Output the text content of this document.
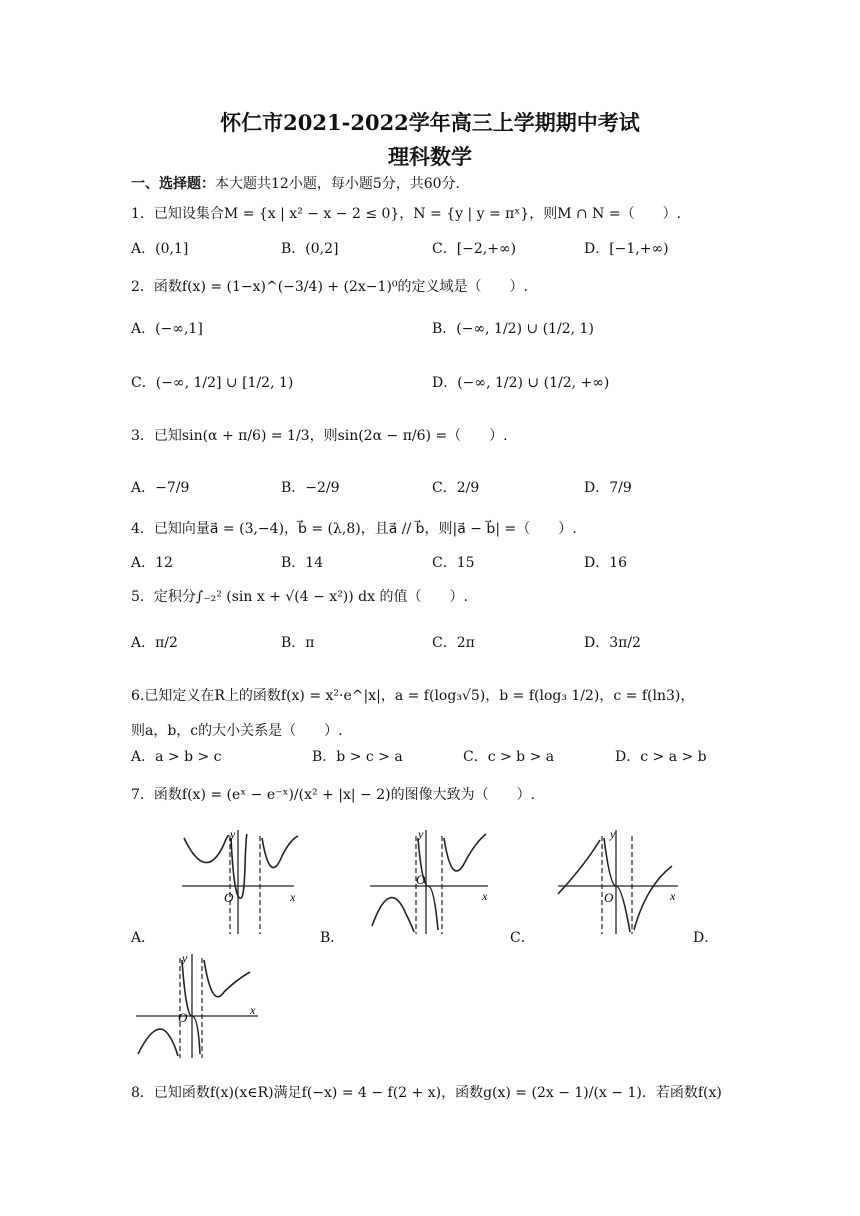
怀仁市2021-2022学年高三上学期期中考试
理科数学
一、选择题：本大题共12小题，每小题5分，共60分.
1．已知设集合M = {x | x² − x − 2 ≤ 0}，N = {y | y = πˣ}，则M ∩ N =（　　）.
A．(0,1]	B．(0,2]	C．[−2,+∞)	D．[−1,+∞)
2．函数f(x) = (1−x)^(−3/4) + (2x−1)⁰的定义域是（　　）.
A．(−∞,1]	B．(−∞, 1/2) ∪ (1/2, 1)
C．(−∞, 1/2] ∪ [1/2, 1)	D．(−∞, 1/2) ∪ (1/2, +∞)
3．已知sin(α + π/6) = 1/3，则sin(2α − π/6) =（　　）.
A．−7/9	B．−2/9	C．2/9	D．7/9
4．已知向量a⃗ = (3,−4)，b⃗ = (λ,8)，且a⃗ // b⃗，则|a⃗ − b⃗| =（　　）.
A．12	B．14	C．15	D．16
5．定积分∫₋₂² (sin x + √(4 − x²)) dx 的值（　　）.
A．π/2	B．π	C．2π	D．3π/2
6.已知定义在R上的函数f(x) = x²·e^|x|，a = f(log₃√5)，b = f(log₃ 1/2)，c = f(ln3)，
则a，b，c的大小关系是（　　）.
A．a > b > c	B．b > c > a	C．c > b > a	D．c > a > b
7．函数f(x) = (eˣ − e⁻ˣ)/(x² + |x| − 2)的图像大致为（　　）.
y
x
O
A．
y
x
O
B．
y
x
O
C．	D．
y
x
O
8．已知函数f(x)(x∈R)满足f(−x) = 4 − f(2 + x)，函数g(x) = (2x − 1)/(x − 1)．若函数f(x)
